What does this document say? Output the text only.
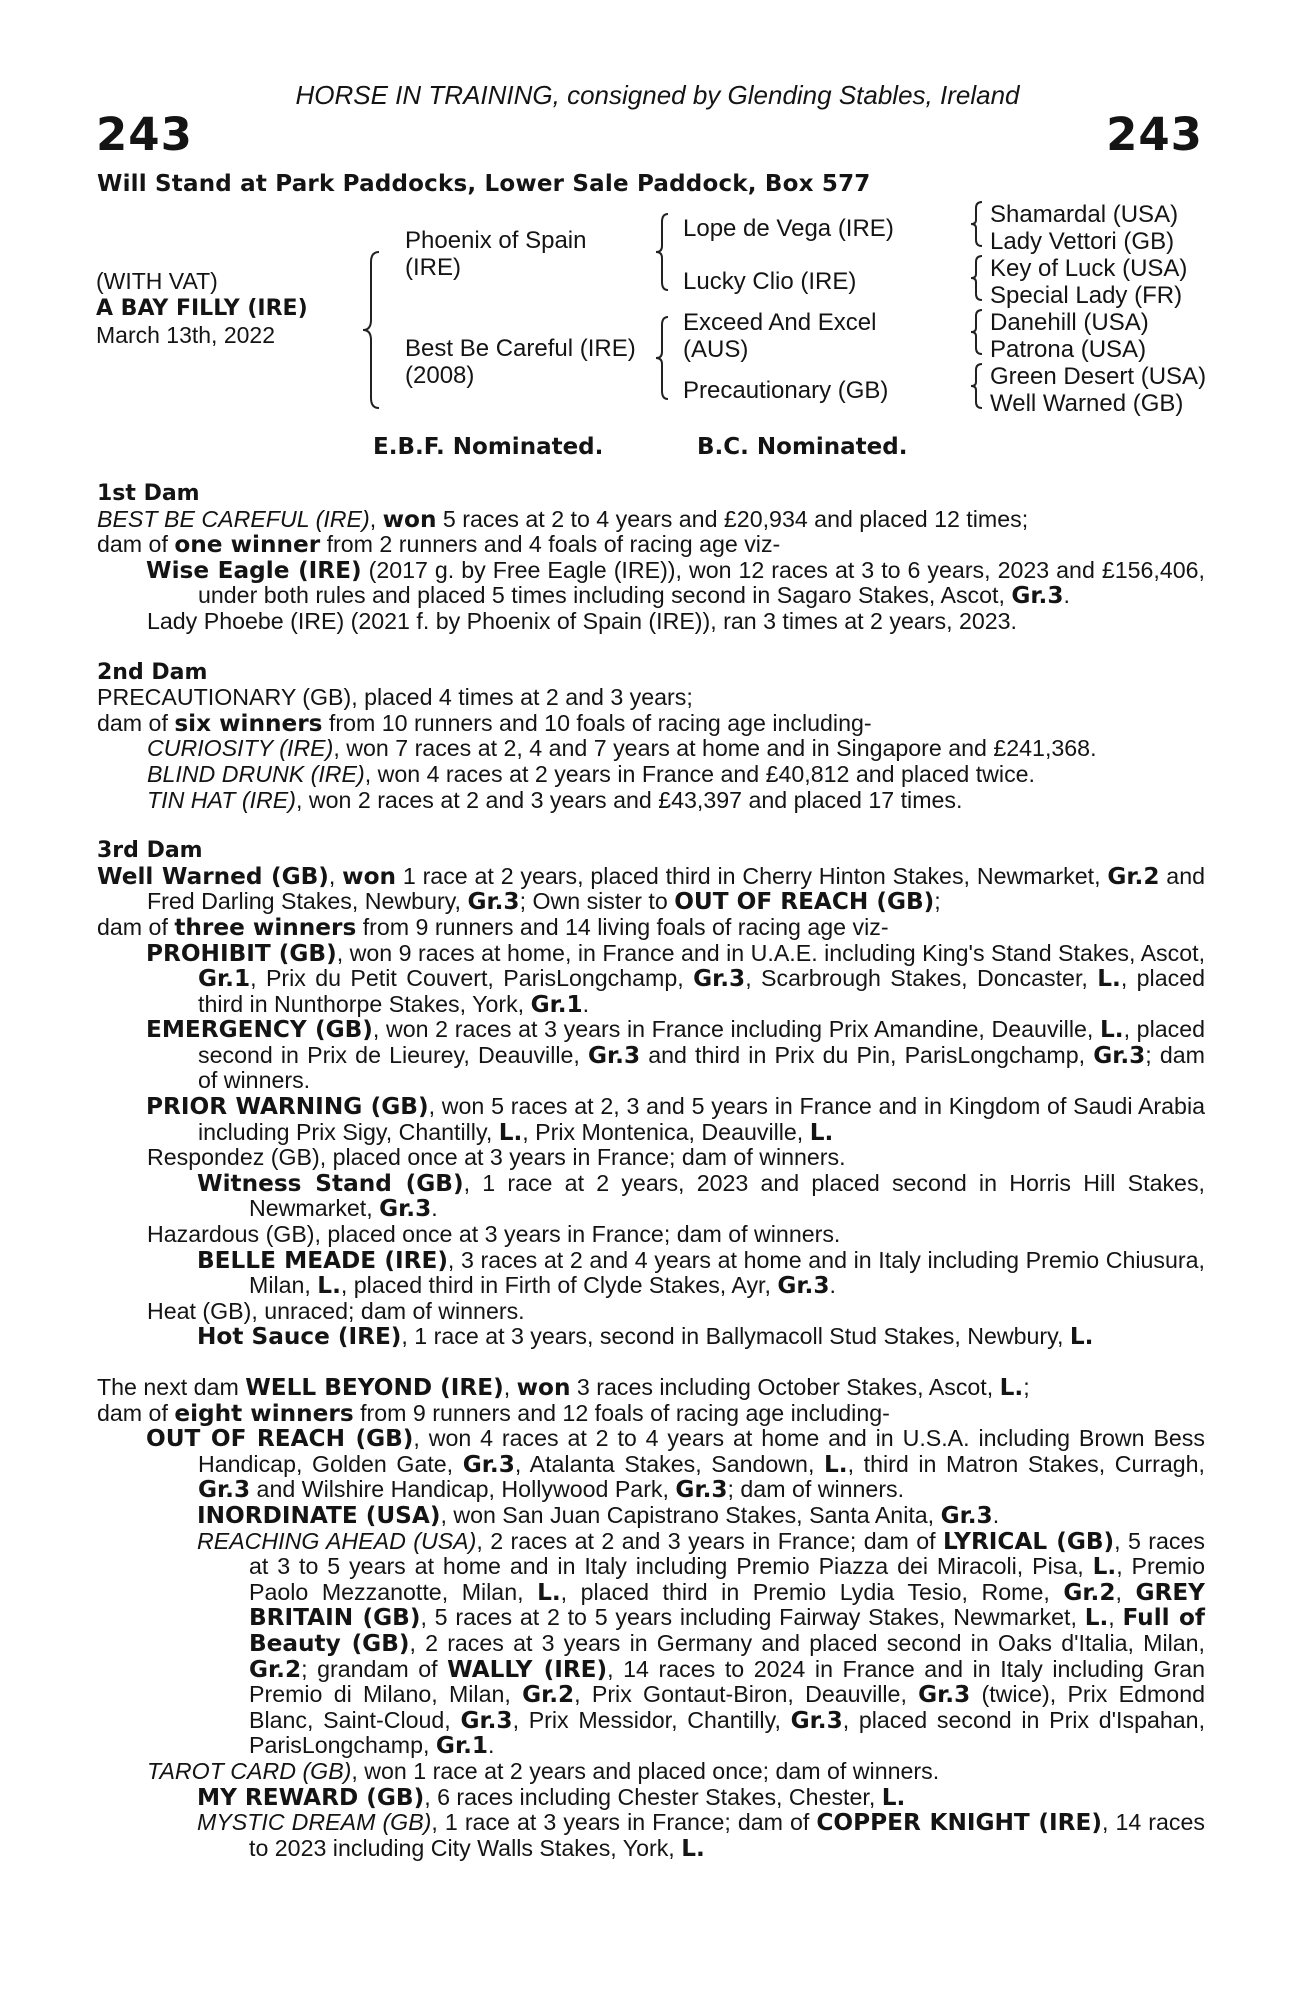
HORSE IN TRAINING, consigned by Glending Stables, Ireland
243	243
Will Stand at Park Paddocks, Lower Sale Paddock, Box 577
(WITH VAT)
A BAY FILLY (IRE)
March 13th, 2022
Phoenix of Spain
(IRE)
Best Be Careful (IRE)
(2008)
Lope de Vega (IRE)
Lucky Clio (IRE)
Exceed And Excel
(AUS)
Precautionary (GB)
Shamardal (USA)
Lady Vettori (GB)
Key of Luck (USA)
Special Lady (FR)
Danehill (USA)
Patrona (USA)
Green Desert (USA)
Well Warned (GB)
E.B.F. Nominated.	B.C. Nominated.

1st Dam

BEST BE CAREFUL (IRE), won 5 races at 2 to 4 years and £20,934 and placed 12 times;

dam of one winner from 2 runners and 4 foals of racing age viz-

Wise Eagle (IRE) (2017 g. by Free Eagle (IRE)), won 12 races at 3 to 6 years, 2023 and £156,406, under both rules and placed 5 times including second in Sagaro Stakes, Ascot, Gr.3.

Lady Phoebe (IRE) (2021 f. by Phoenix of Spain (IRE)), ran 3 times at 2 years, 2023.

2nd Dam

PRECAUTIONARY (GB), placed 4 times at 2 and 3 years;

dam of six winners from 10 runners and 10 foals of racing age including-

CURIOSITY (IRE), won 7 races at 2, 4 and 7 years at home and in Singapore and £241,368.

BLIND DRUNK (IRE), won 4 races at 2 years in France and £40,812 and placed twice.

TIN HAT (IRE), won 2 races at 2 and 3 years and £43,397 and placed 17 times.

3rd Dam

Well Warned (GB), won 1 race at 2 years, placed third in Cherry Hinton Stakes, Newmarket, Gr.2 and Fred Darling Stakes, Newbury, Gr.3; Own sister to OUT OF REACH (GB);

dam of three winners from 9 runners and 14 living foals of racing age viz-

PROHIBIT (GB), won 9 races at home, in France and in U.A.E. including King's Stand Stakes, Ascot, Gr.1, Prix du Petit Couvert, ParisLongchamp, Gr.3, Scarbrough Stakes, Doncaster, L., placed third in Nunthorpe Stakes, York, Gr.1.

EMERGENCY (GB), won 2 races at 3 years in France including Prix Amandine, Deauville, L., placed second in Prix de Lieurey, Deauville, Gr.3 and third in Prix du Pin, ParisLongchamp, Gr.3; dam of winners.

PRIOR WARNING (GB), won 5 races at 2, 3 and 5 years in France and in Kingdom of Saudi Arabia including Prix Sigy, Chantilly, L., Prix Montenica, Deauville, L.

Respondez (GB), placed once at 3 years in France; dam of winners.

Witness Stand (GB), 1 race at 2 years, 2023 and placed second in Horris Hill Stakes, Newmarket, Gr.3.

Hazardous (GB), placed once at 3 years in France; dam of winners.

BELLE MEADE (IRE), 3 races at 2 and 4 years at home and in Italy including Premio Chiusura, Milan, L., placed third in Firth of Clyde Stakes, Ayr, Gr.3.

Heat (GB), unraced; dam of winners.

Hot Sauce (IRE), 1 race at 3 years, second in Ballymacoll Stud Stakes, Newbury, L.

The next dam WELL BEYOND (IRE), won 3 races including October Stakes, Ascot, L.;

dam of eight winners from 9 runners and 12 foals of racing age including-

OUT OF REACH (GB), won 4 races at 2 to 4 years at home and in U.S.A. including Brown Bess Handicap, Golden Gate, Gr.3, Atalanta Stakes, Sandown, L., third in Matron Stakes, Curragh, Gr.3 and Wilshire Handicap, Hollywood Park, Gr.3; dam of winners.

INORDINATE (USA), won San Juan Capistrano Stakes, Santa Anita, Gr.3.

REACHING AHEAD (USA), 2 races at 2 and 3 years in France; dam of LYRICAL (GB), 5 races at 3 to 5 years at home and in Italy including Premio Piazza dei Miracoli, Pisa, L., Premio Paolo Mezzanotte, Milan, L., placed third in Premio Lydia Tesio, Rome, Gr.2, GREY BRITAIN (GB), 5 races at 2 to 5 years including Fairway Stakes, Newmarket, L., Full of Beauty (GB), 2 races at 3 years in Germany and placed second in Oaks d'Italia, Milan, Gr.2; grandam of WALLY (IRE), 14 races to 2024 in France and in Italy including Gran Premio di Milano, Milan, Gr.2, Prix Gontaut-Biron, Deauville, Gr.3 (twice), Prix Edmond Blanc, Saint-Cloud, Gr.3, Prix Messidor, Chantilly, Gr.3, placed second in Prix d'Ispahan, ParisLongchamp, Gr.1.

TAROT CARD (GB), won 1 race at 2 years and placed once; dam of winners.

MY REWARD (GB), 6 races including Chester Stakes, Chester, L.

MYSTIC DREAM (GB), 1 race at 3 years in France; dam of COPPER KNIGHT (IRE), 14 races to 2023 including City Walls Stakes, York, L.
